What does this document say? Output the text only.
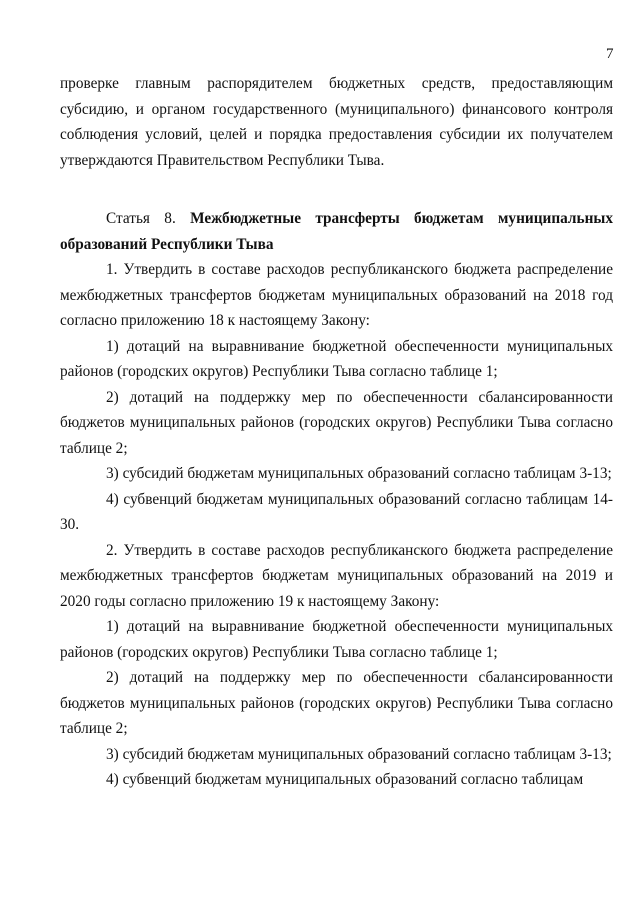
7

проверке главным распорядителем бюджетных средств, предоставляющим субсидию, и органом государственного (муниципального) финансового контроля соблюдения условий, целей и порядка предоставления субсидии их получателем утверждаются Правительством Республики Тыва.

Статья 8. Межбюджетные трансферты бюджетам муниципальных образований Республики Тыва

1. Утвердить в составе расходов республиканского бюджета распределение межбюджетных трансфертов бюджетам муниципальных образований на 2018 год согласно приложению 18 к настоящему Закону:

1) дотаций на выравнивание бюджетной обеспеченности муниципальных районов (городских округов) Республики Тыва согласно таблице 1;

2) дотаций на поддержку мер по обеспеченности сбалансированности бюджетов муниципальных районов (городских округов) Республики Тыва согласно таблице 2;

3) субсидий бюджетам муниципальных образований согласно таблицам 3-13;

4) субвенций бюджетам муниципальных образований согласно таблицам 14-30.

2. Утвердить в составе расходов республиканского бюджета распределение межбюджетных трансфертов бюджетам муниципальных образований на 2019 и 2020 годы согласно приложению 19 к настоящему Закону:

1) дотаций на выравнивание бюджетной обеспеченности муниципальных районов (городских округов) Республики Тыва согласно таблице 1;

2) дотаций на поддержку мер по обеспеченности сбалансированности бюджетов муниципальных районов (городских округов) Республики Тыва согласно таблице 2;

3) субсидий бюджетам муниципальных образований согласно таблицам 3-13;

4) субвенций бюджетам муниципальных образований согласно таблицам
